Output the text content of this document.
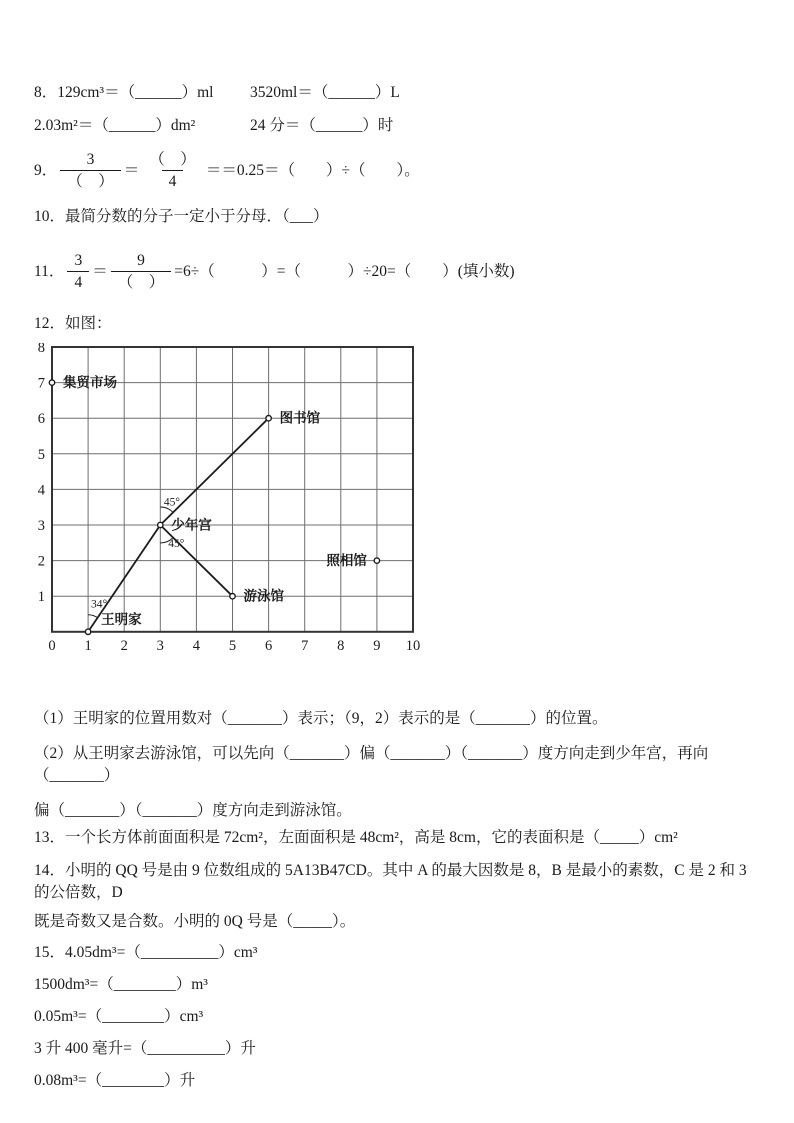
8．129cm³＝（______）ml	3520ml＝（______）L
2.03m²＝（______）dm²	24 分＝（______）时
9． $\frac{3}{( )} = \frac{( )}{4} ==0.25=$（　　）÷（　　）。
10．最简分数的分子一定小于分母．（___）
11． $\frac{3}{4} = \frac{9}{( )} =6\div$（　　　）=（　　　）÷20=（　　）(填小数)
12．如图：
0 1 2 3 4 5 6 7 8 9 10
1
2
3
4
5
6
7
8
34°
45°
45°
集贸市场
图书馆
少年宫
照相馆
游泳馆
王明家
（1）王明家的位置用数对（_______）表示；（9，2）表示的是（_______）的位置。
（2）从王明家去游泳馆，可以先向（_______）偏（_______）（_______）度方向走到少年宫，再向（_______）
偏（_______）（_______）度方向走到游泳馆。
13．一个长方体前面面积是 72cm²，左面面积是 48cm²，高是 8cm，它的表面积是（_____）cm²
14．小明的 QQ 号是由 9 位数组成的 5A13B47CD。其中 A 的最大因数是 8，B 是最小的素数，C 是 2 和 3 的公倍数，D
既是奇数又是合数。小明的 0Q 号是（_____）。
15．4.05dm³=（__________）cm³
1500dm³=（________）m³
0.05m³=（________）cm³
3 升 400 毫升=（__________）升
0.08m³=（________）升
